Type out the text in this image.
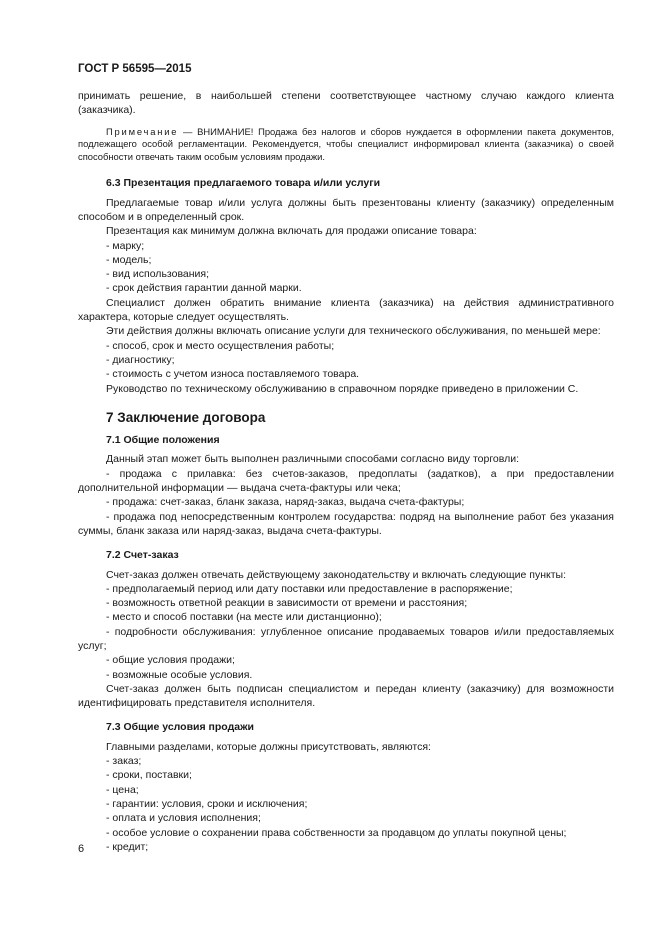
ГОСТ Р 56595—2015

принимать решение, в наибольшей степени соответствующее частному случаю каждого клиента (заказчика).

Примечание — ВНИМАНИЕ! Продажа без налогов и сборов нуждается в оформлении пакета документов, подлежащего особой регламентации. Рекомендуется, чтобы специалист информировал клиента (заказчика) о своей способности отвечать таким особым условиям продажи.

6.3 Презентация предлагаемого товара и/или услуги

Предлагаемые товар и/или услуга должны быть презентованы клиенту (заказчику) определенным способом и в определенный срок.

Презентация как минимум должна включать для продажи описание товара:

- марку;

- модель;

- вид использования;

- срок действия гарантии данной марки.

Специалист должен обратить внимание клиента (заказчика) на действия административного характера, которые следует осуществлять.

Эти действия должны включать описание услуги для технического обслуживания, по меньшей мере:

- способ, срок и место осуществления работы;

- диагностику;

- стоимость с учетом износа поставляемого товара.

Руководство по техническому обслуживанию в справочном порядке приведено в приложении С.

7 Заключение договора

7.1 Общие положения

Данный этап может быть выполнен различными способами согласно виду торговли:

- продажа с прилавка: без счетов-заказов, предоплаты (задатков), а при предоставлении дополнительной информации — выдача счета-фактуры или чека;

- продажа: счет-заказ, бланк заказа, наряд-заказ, выдача счета-фактуры;

- продажа под непосредственным контролем государства: подряд на выполнение работ без указания суммы, бланк заказа или наряд-заказ, выдача счета-фактуры.

7.2 Счет-заказ

Счет-заказ должен отвечать действующему законодательству и включать следующие пункты:

- предполагаемый период или дату поставки или предоставление в распоряжение;

- возможность ответной реакции в зависимости от времени и расстояния;

- место и способ поставки (на месте или дистанционно);

- подробности обслуживания: углубленное описание продаваемых товаров и/или предоставляемых услуг;

- общие условия продажи;

- возможные особые условия.

Счет-заказ должен быть подписан специалистом и передан клиенту (заказчику) для возможности идентифицировать представителя исполнителя.

7.3 Общие условия продажи

Главными разделами, которые должны присутствовать, являются:

- заказ;

- сроки, поставки;

- цена;

- гарантии: условия, сроки и исключения;

- оплата и условия исполнения;

- особое условие о сохранении права собственности за продавцом до уплаты покупной цены;

- кредит;

6
